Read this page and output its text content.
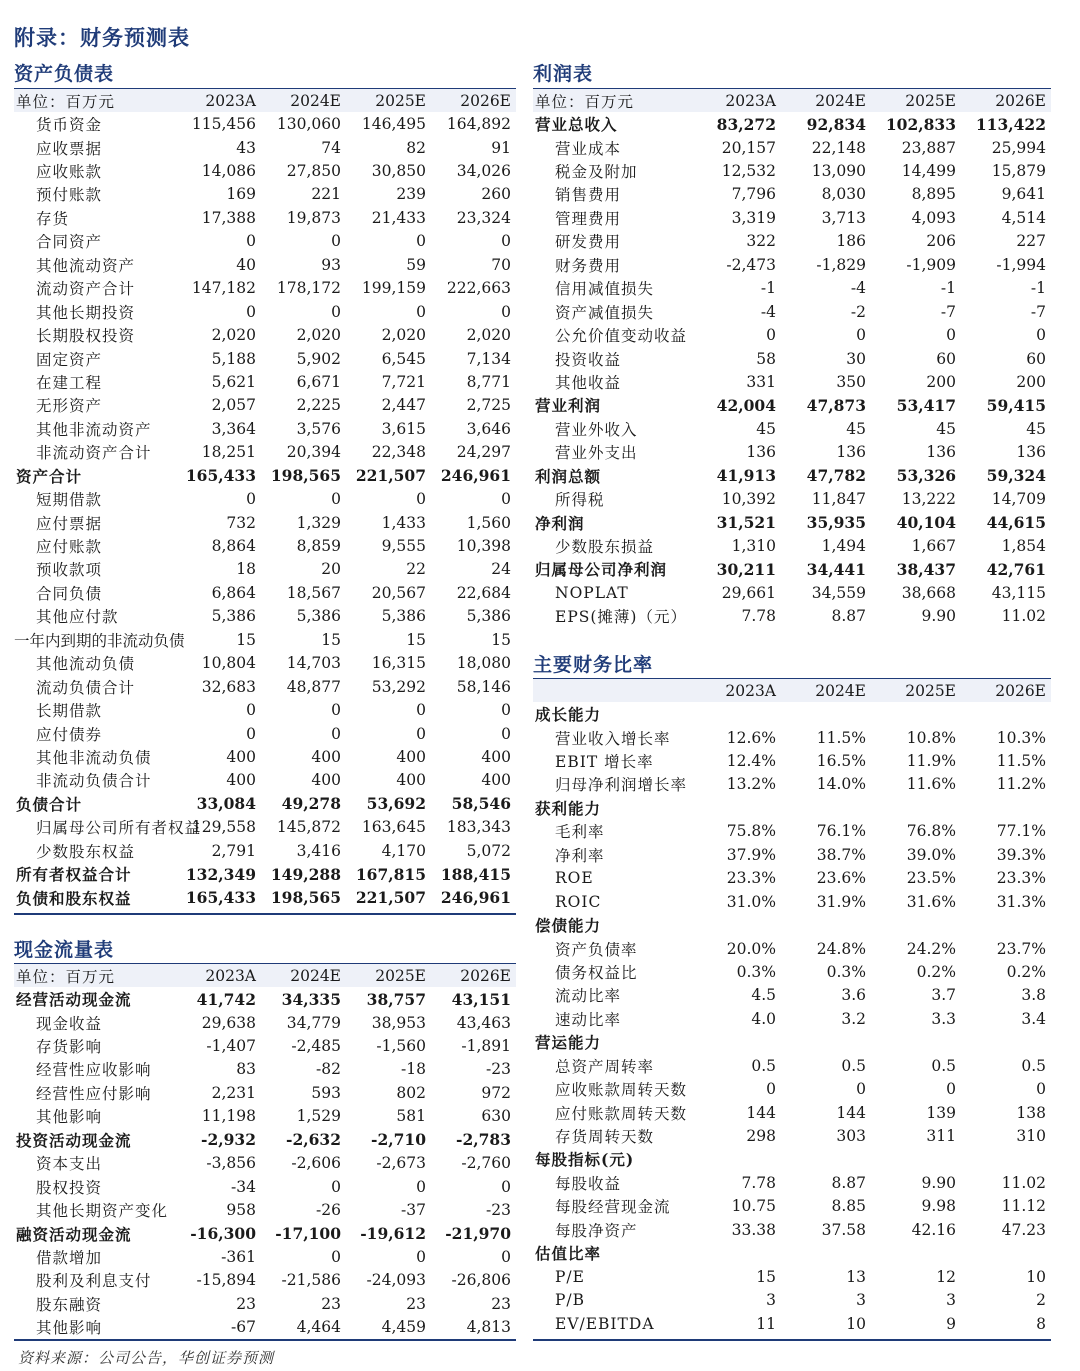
附录：财务预测表
资产负债表
单位：百万元	2023A	2024E	2025E	2026E
货币资金	115,456	130,060	146,495	164,892
应收票据	43	74	82	91
应收账款	14,086	27,850	30,850	34,026
预付账款	169	221	239	260
存货	17,388	19,873	21,433	23,324
合同资产	0	0	0	0
其他流动资产	40	93	59	70
流动资产合计	147,182	178,172	199,159	222,663
其他长期投资	0	0	0	0
长期股权投资	2,020	2,020	2,020	2,020
固定资产	5,188	5,902	6,545	7,134
在建工程	5,621	6,671	7,721	8,771
无形资产	2,057	2,225	2,447	2,725
其他非流动资产	3,364	3,576	3,615	3,646
非流动资产合计	18,251	20,394	22,348	24,297
资产合计	165,433	198,565	221,507	246,961
短期借款	0	0	0	0
应付票据	732	1,329	1,433	1,560
应付账款	8,864	8,859	9,555	10,398
预收款项	18	20	22	24
合同负债	6,864	18,567	20,567	22,684
其他应付款	5,386	5,386	5,386	5,386
一年内到期的非流动负债	15	15	15	15
其他流动负债	10,804	14,703	16,315	18,080
流动负债合计	32,683	48,877	53,292	58,146
长期借款	0	0	0	0
应付债券	0	0	0	0
其他非流动负债	400	400	400	400
非流动负债合计	400	400	400	400
负债合计	33,084	49,278	53,692	58,546
归属母公司所有者权益	129,558	145,872	163,645	183,343
少数股东权益	2,791	3,416	4,170	5,072
所有者权益合计	132,349	149,288	167,815	188,415
负债和股东权益	165,433	198,565	221,507	246,961
现金流量表
单位：百万元	2023A	2024E	2025E	2026E
经营活动现金流	41,742	34,335	38,757	43,151
现金收益	29,638	34,779	38,953	43,463
存货影响	-1,407	-2,485	-1,560	-1,891
经营性应收影响	83	-82	-18	-23
经营性应付影响	2,231	593	802	972
其他影响	11,198	1,529	581	630
投资活动现金流	-2,932	-2,632	-2,710	-2,783
资本支出	-3,856	-2,606	-2,673	-2,760
股权投资	-34	0	0	0
其他长期资产变化	958	-26	-37	-23
融资活动现金流	-16,300	-17,100	-19,612	-21,970
借款增加	-361	0	0	0
股利及利息支付	-15,894	-21,586	-24,093	-26,806
股东融资	23	23	23	23
其他影响	-67	4,464	4,459	4,813
利润表
单位：百万元	2023A	2024E	2025E	2026E
营业总收入	83,272	92,834	102,833	113,422
营业成本	20,157	22,148	23,887	25,994
税金及附加	12,532	13,090	14,499	15,879
销售费用	7,796	8,030	8,895	9,641
管理费用	3,319	3,713	4,093	4,514
研发费用	322	186	206	227
财务费用	-2,473	-1,829	-1,909	-1,994
信用减值损失	-1	-4	-1	-1
资产减值损失	-4	-2	-7	-7
公允价值变动收益	0	0	0	0
投资收益	58	30	60	60
其他收益	331	350	200	200
营业利润	42,004	47,873	53,417	59,415
营业外收入	45	45	45	45
营业外支出	136	136	136	136
利润总额	41,913	47,782	53,326	59,324
所得税	10,392	11,847	13,222	14,709
净利润	31,521	35,935	40,104	44,615
少数股东损益	1,310	1,494	1,667	1,854
归属母公司净利润	30,211	34,441	38,437	42,761
NOPLAT	29,661	34,559	38,668	43,115
EPS(摊薄)（元）	7.78	8.87	9.90	11.02
主要财务比率
	2023A	2024E	2025E	2026E
成长能力				
营业收入增长率	12.6%	11.5%	10.8%	10.3%
EBIT 增长率	12.4%	16.5%	11.9%	11.5%
归母净利润增长率	13.2%	14.0%	11.6%	11.2%
获利能力				
毛利率	75.8%	76.1%	76.8%	77.1%
净利率	37.9%	38.7%	39.0%	39.3%
ROE	23.3%	23.6%	23.5%	23.3%
ROIC	31.0%	31.9%	31.6%	31.3%
偿债能力				
资产负债率	20.0%	24.8%	24.2%	23.7%
债务权益比	0.3%	0.3%	0.2%	0.2%
流动比率	4.5	3.6	3.7	3.8
速动比率	4.0	3.2	3.3	3.4
营运能力				
总资产周转率	0.5	0.5	0.5	0.5
应收账款周转天数	0	0	0	0
应付账款周转天数	144	144	139	138
存货周转天数	298	303	311	310
每股指标(元)				
每股收益	7.78	8.87	9.90	11.02
每股经营现金流	10.75	8.85	9.98	11.12
每股净资产	33.38	37.58	42.16	47.23
估值比率				
P/E	15	13	12	10
P/B	3	3	3	2
EV/EBITDA	11	10	9	8
资料来源：公司公告，华创证券预测
